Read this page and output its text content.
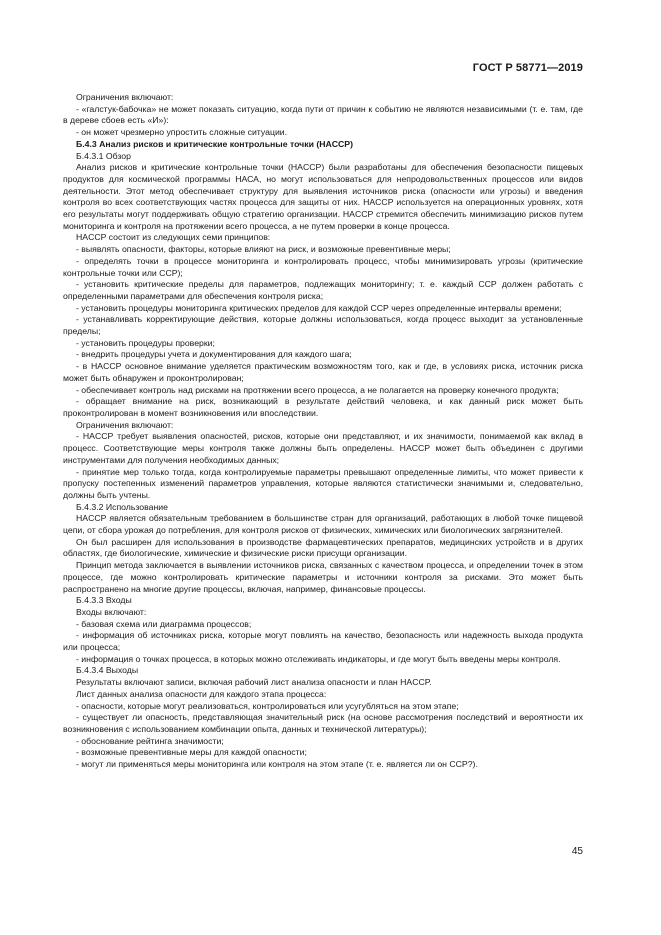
ГОСТ Р 58771—2019

Ограничения включают:

- «галстук-бабочка» не может показать ситуацию, когда пути от причин к событию не являются независимыми (т. е. там, где в дереве сбоев есть «И»):

- он может чрезмерно упростить сложные ситуации.

Б.4.3 Анализ рисков и критические контрольные точки (HACCP)

Б.4.3.1 Обзор

Анализ рисков и критические контрольные точки (HACCP) были разработаны для обеспечения безопасности пищевых продуктов для космической программы НАСА, но могут использоваться для непродовольственных процессов или видов деятельности. Этот метод обеспечивает структуру для выявления источников риска (опасности или угрозы) и введения контроля во всех соответствующих частях процесса для защиты от них. HACCP используется на операционных уровнях, хотя его результаты могут поддерживать общую стратегию организации. HACCP стремится обеспечить минимизацию рисков путем мониторинга и контроля на протяжении всего процесса, а не путем проверки в конце процесса.

HACCP состоит из следующих семи принципов:

- выявлять опасности, факторы, которые влияют на риск, и возможные превентивные меры;

- определять точки в процессе мониторинга и контролировать процесс, чтобы минимизировать угрозы (критические контрольные точки или ССР);

- установить критические пределы для параметров, подлежащих мониторингу; т. е. каждый ССР должен работать с определенными параметрами для обеспечения контроля риска;

- установить процедуры мониторинга критических пределов для каждой ССР через определенные интервалы времени;

- устанавливать корректирующие действия, которые должны использоваться, когда процесс выходит за установленные пределы;

- установить процедуры проверки;

- внедрить процедуры учета и документирования для каждого шага;

- в HACCP основное внимание уделяется практическим возможностям того, как и где, в условиях риска, источник риска может быть обнаружен и проконтролирован;

- обеспечивает контроль над рисками на протяжении всего процесса, а не полагается на проверку конечного продукта;

- обращает внимание на риск, возникающий в результате действий человека, и как данный риск может быть проконтролирован в момент возникновения или впоследствии.

Ограничения включают:

- HACCP требует выявления опасностей, рисков, которые они представляют, и их значимости, понимаемой как вклад в процесс. Соответствующие меры контроля также должны быть определены. HACCP может быть объединен с другими инструментами для получения необходимых данных;

- принятие мер только тогда, когда контролируемые параметры превышают определенные лимиты, что может привести к пропуску постепенных изменений параметров управления, которые являются статистически значимыми и, следовательно, должны быть учтены.

Б.4.3.2 Использование

HACCP является обязательным требованием в большинстве стран для организаций, работающих в любой точке пищевой цепи, от сбора урожая до потребления, для контроля рисков от физических, химических или биологических загрязнителей.

Он был расширен для использования в производстве фармацевтических препаратов, медицинских устройств и в других областях, где биологические, химические и физические риски присущи организации.

Принцип метода заключается в выявлении источников риска, связанных с качеством процесса, и определении точек в этом процессе, где можно контролировать критические параметры и источники контроля за рисками. Это может быть распространено на многие другие процессы, включая, например, финансовые процессы.

Б.4.3.3 Входы

Входы включают:

- базовая схема или диаграмма процессов;

- информация об источниках риска, которые могут повлиять на качество, безопасность или надежность выхода продукта или процесса;

- информация о точках процесса, в которых можно отслеживать индикаторы, и где могут быть введены меры контроля.

Б.4.3.4 Выходы

Результаты включают записи, включая рабочий лист анализа опасности и план HACCP.

Лист данных анализа опасности для каждого этапа процесса:

- опасности, которые могут реализоваться, контролироваться или усугубляться на этом этапе;

- существует ли опасность, представляющая значительный риск (на основе рассмотрения последствий и вероятности их возникновения с использованием комбинации опыта, данных и технической литературы);

- обоснование рейтинга значимости;

- возможные превентивные меры для каждой опасности;

- могут ли применяться меры мониторинга или контроля на этом этапе (т. е. является ли он ССР?).

45
